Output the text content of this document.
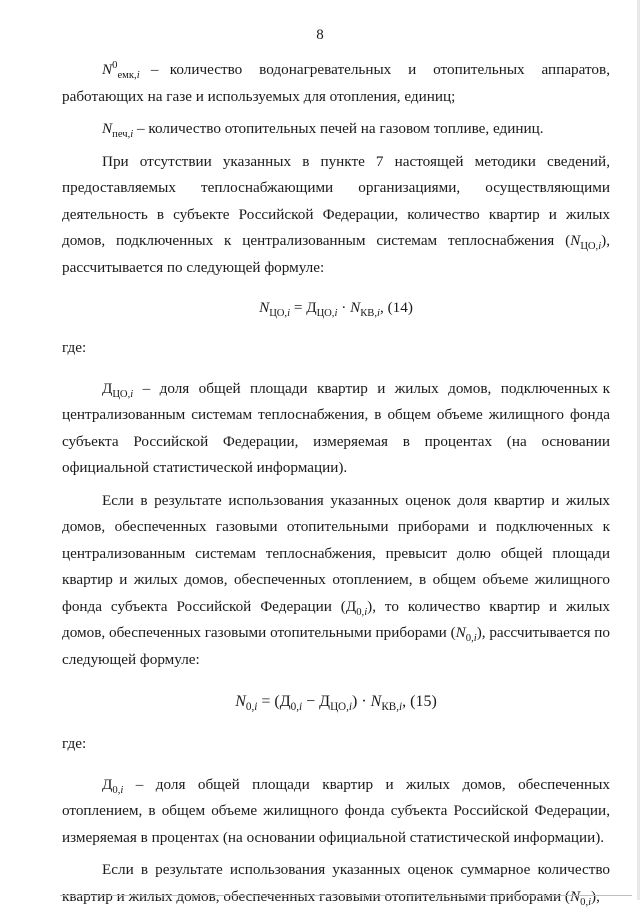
8

$N^0_{емк,i}$  –  количество   водонагревательных   и   отопительных   аппаратов, работающих на газе и используемых для отопления, единиц;

$N_{печ,i}$ – количество отопительных печей на газовом топливе, единиц.

При отсутствии указанных в пункте 7 настоящей методики сведений, предоставляемых теплоснабжающими организациями, осуществляющими деятельность в субъекте Российской Федерации, количество квартир и жилых домов, подключенных к централизованным системам теплоснабжения $(N_{ЦО,i})$, рассчитывается по следующей формуле:

$N_{ЦО,i} = Д_{ЦО,i} \cdot N_{КВ,i}$, (14)

где:

$Д_{ЦО,i}$  –  доля  общей  площади  квартир  и  жилых  домов,  подключенных к централизованным системам теплоснабжения, в общем объеме жилищного фонда субъекта Российской Федерации, измеряемая в процентах (на основании официальной статистической информации).

Если в результате использования указанных оценок доля квартир и жилых домов, обеспеченных газовыми отопительными приборами и подключенных к централизованным системам теплоснабжения, превысит долю общей площади квартир и жилых домов, обеспеченных отоплением, в общем объеме жилищного фонда субъекта Российской Федерации $(Д_{0,i})$, то количество квартир и жилых домов, обеспеченных газовыми отопительными приборами $(N_{0,i})$, рассчитывается по следующей формуле:

$N_{0,i} = (Д_{0,i} - Д_{ЦО,i}) \cdot N_{КВ,i}$, (15)

где:

$Д_{0,i}$ – доля общей площади квартир и жилых домов, обеспеченных отоплением, в общем объеме жилищного фонда субъекта Российской Федерации, измеряемая в процентах (на основании официальной статистической информации).

Если в результате использования указанных оценок суммарное количество квартир и жилых домов, обеспеченных газовыми отопительными приборами $(N_{0,i})$,
